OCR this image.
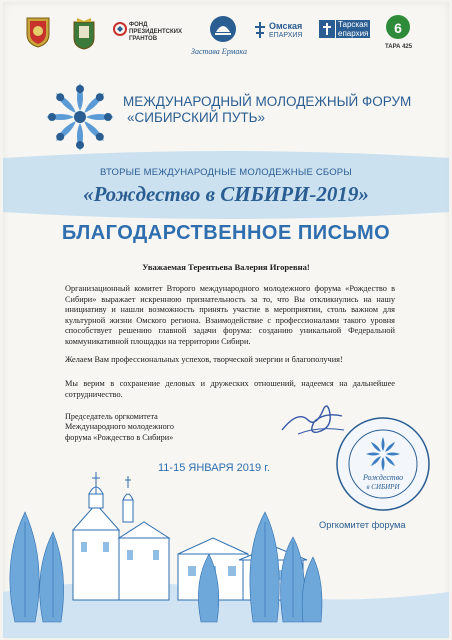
ФОНД
ПРЕЗИДЕНТСКИХ
ГРАНТОВ
Застава Ермака
Омская
ЕПАРХИЯ
Тарская
епархия 6
ТАРА 425
МЕЖДУНАРОДНЫЙ МОЛОДЕЖНЫЙ ФОРУМ
«СИБИРСКИЙ ПУТЬ»
ВТОРЫЕ МЕЖДУНАРОДНЫЕ МОЛОДЕЖНЫЕ СБОРЫ
«Рождество в СИБИРИ-2019»
БЛАГОДАРСТВЕННОЕ ПИСЬМО
Уважаемая Терентьева Валерия Игоревна!
Организационный комитет Второго международного молодежного форума «Рождество в Сибири» выражает искреннюю признательность за то, что Вы откликнулись на нашу инициативу и нашли возможность принять участие в мероприятии, столь важном для культурной жизни Омского региона. Взаимодействие с профессионалами такого уровня способствует решению главной задачи форума: созданию уникальной Федеральной коммуникативной площадки на территории Сибири.
Желаем Вам профессиональных успехов, творческой энергии и благополучия!
Мы верим в сохранение деловых и дружеских отношений, надеемся на дальнейшее сотрудничество.
Председатель оргкомитета
Международного молодежного
форума «Рождество в Сибири»
11-15 ЯНВАРЯ 2019 г.
Рождество
в СИБИРИ
Оргкомитет форума
